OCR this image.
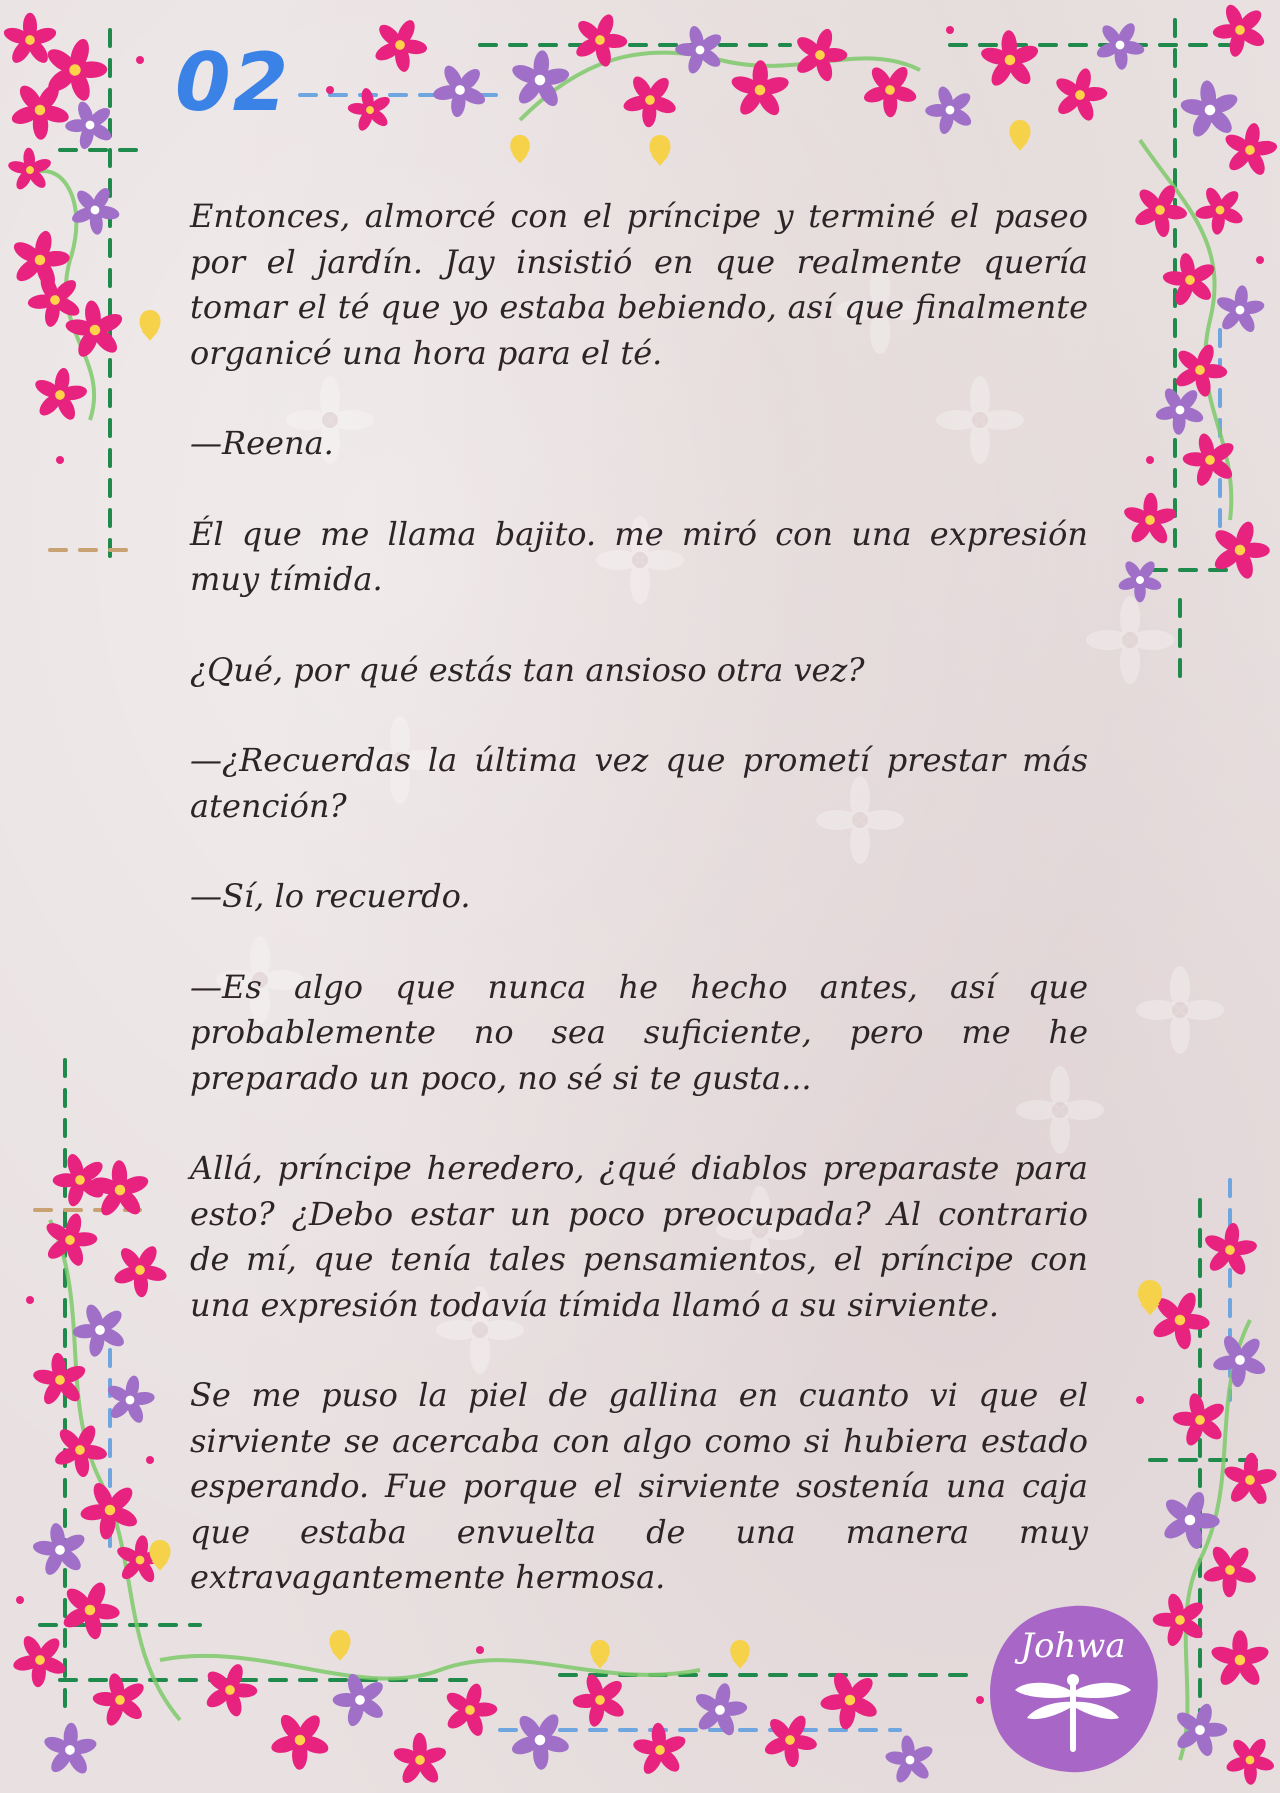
02

Entonces, almorcé con el príncipe y terminé el paseo por el jardín. Jay insistió en que realmente quería tomar el té que yo estaba bebiendo, así que finalmente organicé una hora para el té.

—Reena.

Él que me llama bajito. me miró con una expresión muy tímida.

¿Qué, por qué estás tan ansioso otra vez?

—¿Recuerdas la última vez que prometí prestar más atención?

—Sí, lo recuerdo.

—Es algo que nunca he hecho antes, así que probablemente no sea suficiente, pero me he preparado un poco, no sé si te gusta...

Allá, príncipe heredero, ¿qué diablos preparaste para esto? ¿Debo estar un poco preocupada? Al contrario de mí, que tenía tales pensamientos, el príncipe con una expresión todavía tímida llamó a su sirviente.

Se me puso la piel de gallina en cuanto vi que el sirviente se acercaba con algo como si hubiera estado esperando. Fue porque el sirviente sostenía una caja que estaba envuelta de una manera muy extravagantemente hermosa.

Johwa
